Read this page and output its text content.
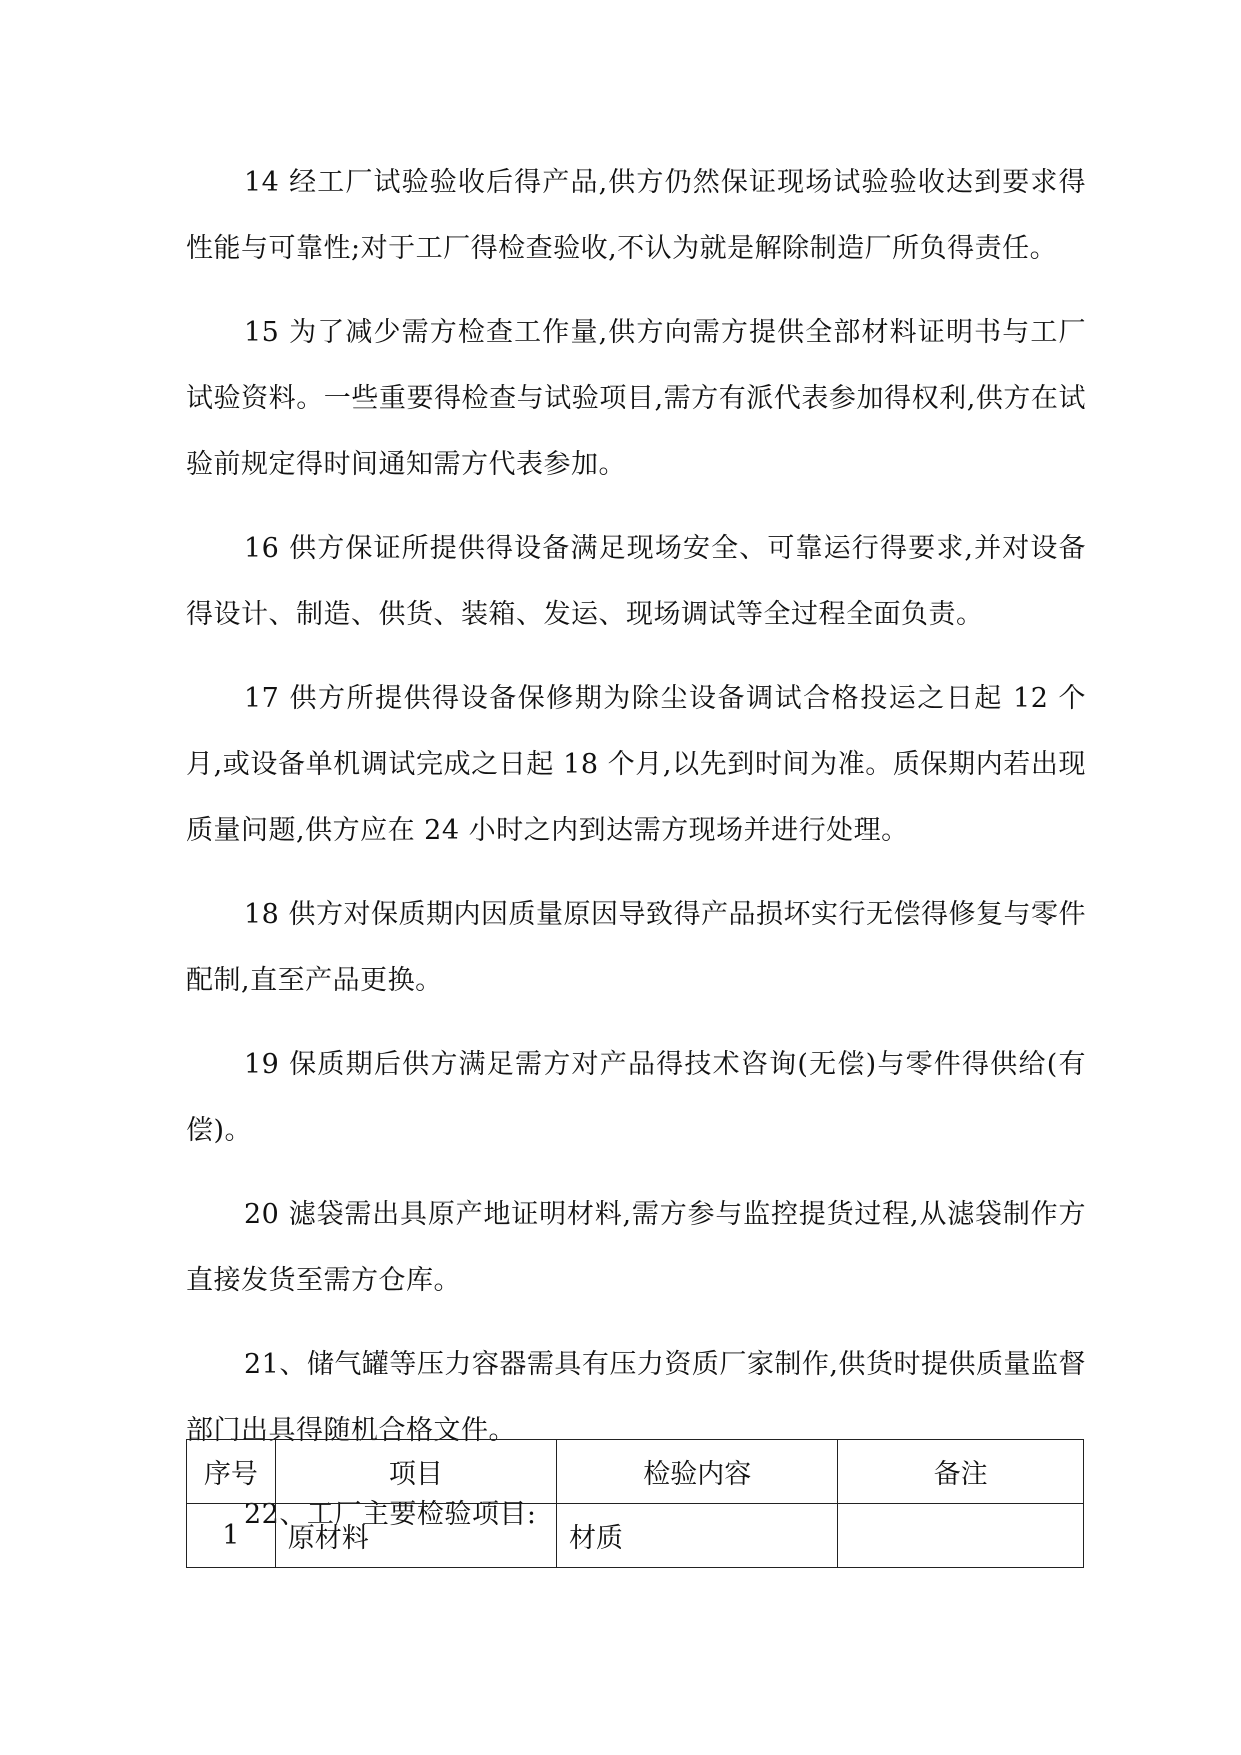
14 经工厂试验验收后得产品,供方仍然保证现场试验验收达到要求得性能与可靠性;对于工厂得检查验收,不认为就是解除制造厂所负得责任。

15 为了减少需方检查工作量,供方向需方提供全部材料证明书与工厂试验资料。一些重要得检查与试验项目,需方有派代表参加得权利,供方在试验前规定得时间通知需方代表参加。

16 供方保证所提供得设备满足现场安全、可靠运行得要求,并对设备得设计、制造、供货、装箱、发运、现场调试等全过程全面负责。

17 供方所提供得设备保修期为除尘设备调试合格投运之日起 12 个月,或设备单机调试完成之日起 18 个月,以先到时间为准。质保期内若出现质量问题,供方应在 24 小时之内到达需方现场并进行处理。

18 供方对保质期内因质量原因导致得产品损坏实行无偿得修复与零件配制,直至产品更换。

19 保质期后供方满足需方对产品得技术咨询(无偿)与零件得供给(有偿)。

20 滤袋需出具原产地证明材料,需方参与监控提货过程,从滤袋制作方直接发货至需方仓库。

21、储气罐等压力容器需具有压力资质厂家制作,供货时提供质量监督部门出具得随机合格文件。

22、工厂主要检验项目:

序号	项目	检验内容	备注
1	原材料	材质	
